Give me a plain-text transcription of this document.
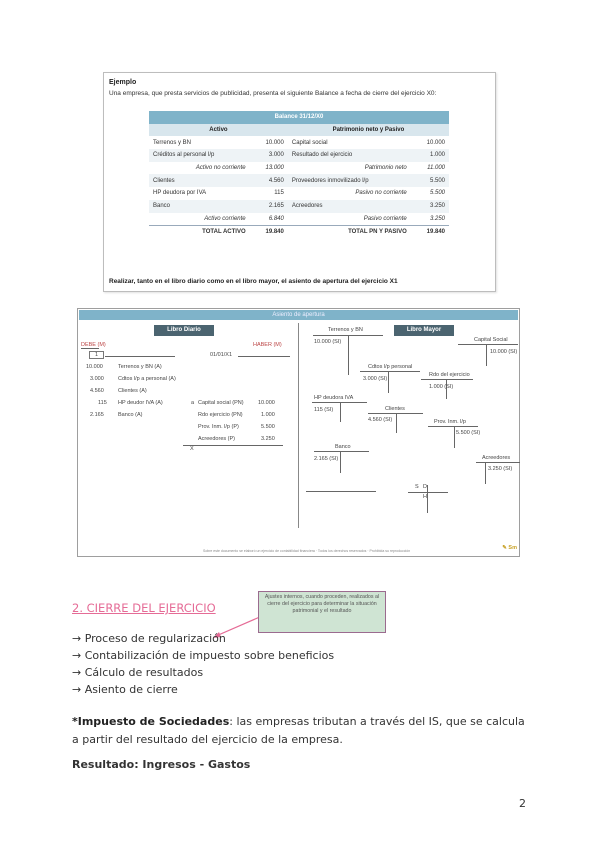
Ejemplo
Una empresa, que presta servicios de publicidad, presenta el siguiente Balance a fecha de cierre del ejercicio X0:
Balance 31/12/X0			
Activo		Patrimonio neto y Pasivo	
Terrenos y BN	10.000	Capital social	10.000
Créditos al personal l/p	3.000	Resultado del ejercicio	1.000
Activo no corriente	13.000	Patrimonio neto	11.000
Clientes	4.560	Proveedores inmovilizado l/p	5.500
HP deudora por IVA	115	Pasivo no corriente	5.500
Banco	2.165	Acreedores	3.250
Activo corriente	6.840	Pasivo corriente	3.250
TOTAL ACTIVO	19.840	TOTAL PN Y PASIVO	19.840
Realizar, tanto en el libro diario como en el libro mayor, el asiento de apertura del ejercicio X1
Asiento de apertura
Libro Diario
DEBE (M)	HABER (M)
1	01/01/X1
10.000	Terrenos y BN (A)
3.000	Cdtos l/p a personal (A)
4.560	Clientes (A)
115 HP deudor IVA (A)
2.165	Banco (A)
a Capital social (PN)	10.000
Rdo ejercicio (PN)	1.000
Prov. Inm. l/p (P)	5.500
Acreedores (P)	3.250
X
Libro Mayor
Terrenos y BN
10.000 (SI)	Capital Social
10.000 (SI)
Cdtos l/p personal
3.000 (SI)
Rdo del ejercicio
1.000 (SI)
HP deudora IVA
115 (SI)	Clientes
4.560 (SI)	Prov. Inm. l/p
5.500 (SI)
Banco
2.165 (SI)	Acreedores
3.250 (SI)
S D
H
Sobre este documento se elaboró un ejercicio de contabilidad financiera · Todos los derechos reservados · Prohibida su reproducción	✎ Sm
2. CIERRE DEL EJERCICIO
Ajustes internos, cuando proceden, realizados al cierre del ejercicio para determinar la situación patrimonial y el resultado
→ Proceso de regularización
→ Contabilización de impuesto sobre beneficios
→ Cálculo de resultados
→ Asiento de cierre
*Impuesto de Sociedades: las empresas tributan a través del IS, que se calcula a partir del resultado del ejercicio de la empresa.
Resultado: Ingresos - Gastos
2
